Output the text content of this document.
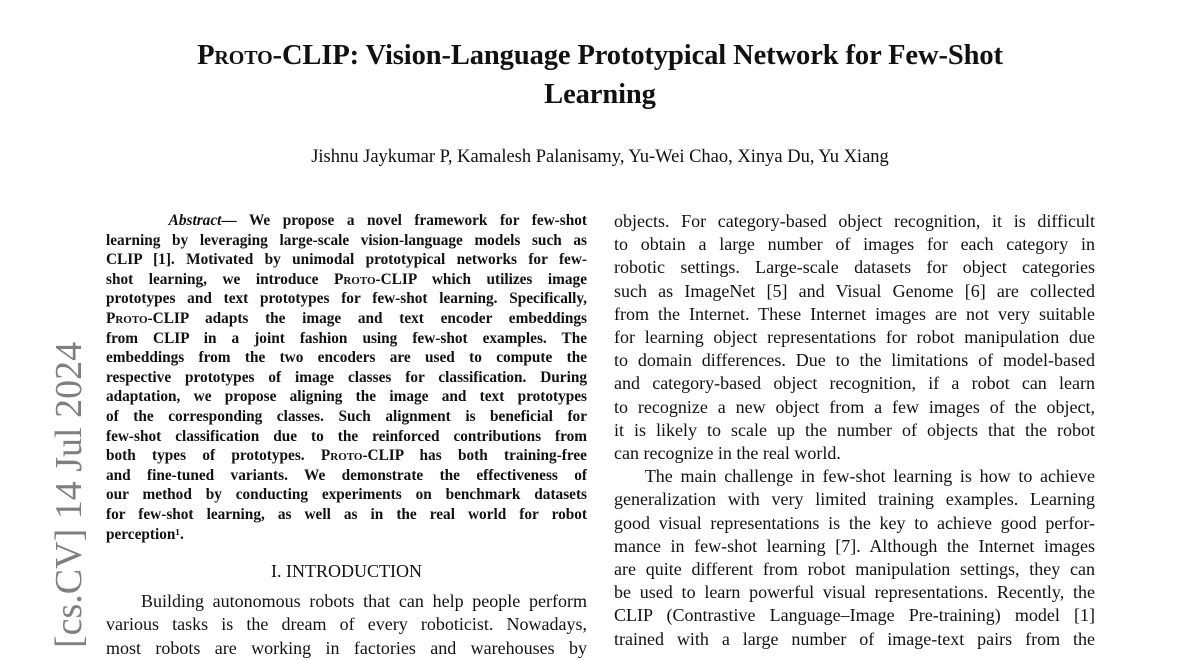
Proto-CLIP: Vision-Language Prototypical Network for Few-Shot
Learning
Jishnu Jaykumar P, Kamalesh Palanisamy, Yu-Wei Chao, Xinya Du, Yu Xiang
[cs.CV] 14 Jul 2024
Abstract— We propose a novel framework for few-shot
learning by leveraging large-scale vision-language models such as
CLIP [1]. Motivated by unimodal prototypical networks for few-
shot learning, we introduce Proto-CLIP which utilizes image
prototypes and text prototypes for few-shot learning. Specifically,
Proto-CLIP adapts the image and text encoder embeddings
from CLIP in a joint fashion using few-shot examples. The
embeddings from the two encoders are used to compute the
respective prototypes of image classes for classification. During
adaptation, we propose aligning the image and text prototypes
of the corresponding classes. Such alignment is beneficial for
few-shot classification due to the reinforced contributions from
both types of prototypes. Proto-CLIP has both training-free
and fine-tuned variants. We demonstrate the effectiveness of
our method by conducting experiments on benchmark datasets
for few-shot learning, as well as in the real world for robot
perception¹.
I. INTRODUCTION
Building autonomous robots that can help people perform
various tasks is the dream of every roboticist. Nowadays,
most robots are working in factories and warehouses by
objects. For category-based object recognition, it is difficult
to obtain a large number of images for each category in
robotic settings. Large-scale datasets for object categories
such as ImageNet [5] and Visual Genome [6] are collected
from the Internet. These Internet images are not very suitable
for learning object representations for robot manipulation due
to domain differences. Due to the limitations of model-based
and category-based object recognition, if a robot can learn
to recognize a new object from a few images of the object,
it is likely to scale up the number of objects that the robot
can recognize in the real world.
The main challenge in few-shot learning is how to achieve
generalization with very limited training examples. Learning
good visual representations is the key to achieve good perfor-
mance in few-shot learning [7]. Although the Internet images
are quite different from robot manipulation settings, they can
be used to learn powerful visual representations. Recently, the
CLIP (Contrastive Language–Image Pre-training) model [1]
trained with a large number of image-text pairs from the
